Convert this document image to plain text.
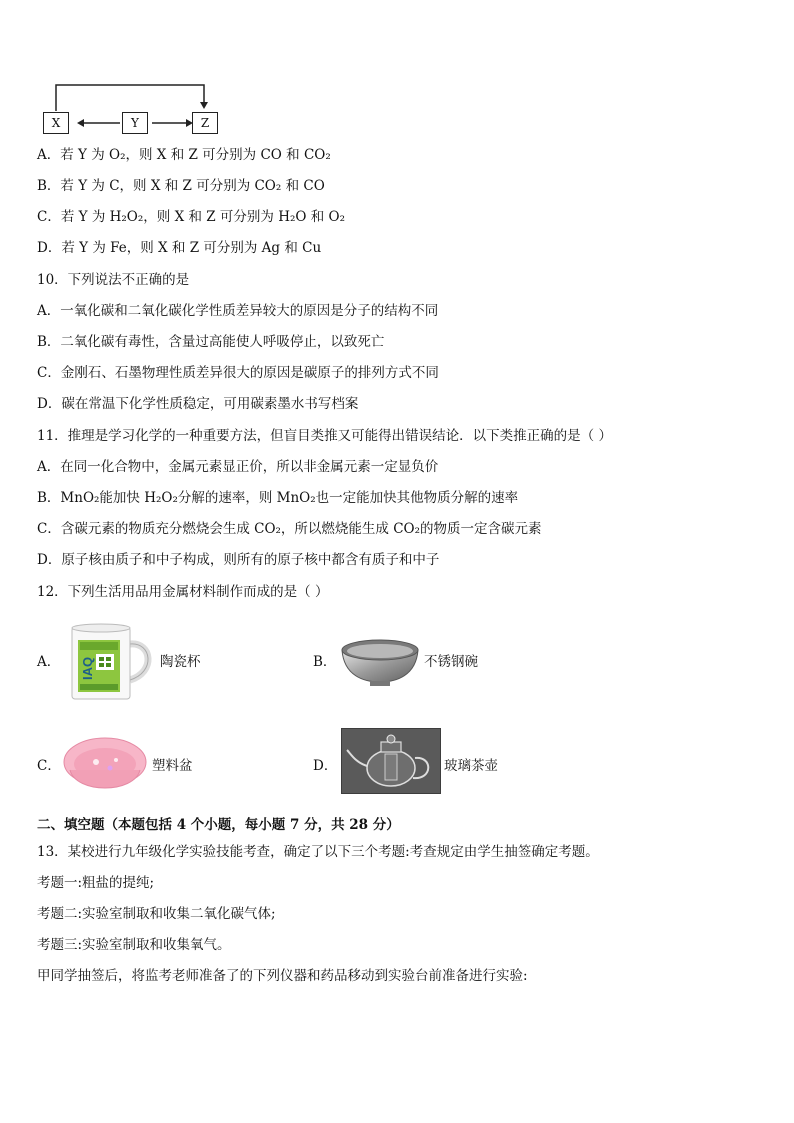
X	Y	Z
A．若 Y 为 O₂，则 X 和 Z 可分别为 CO 和 CO₂
B．若 Y 为 C，则 X 和 Z 可分别为 CO₂ 和 CO
C．若 Y 为 H₂O₂，则 X 和 Z 可分别为 H₂O 和 O₂
D．若 Y 为 Fe，则 X 和 Z 可分别为 Ag 和 Cu
10．下列说法不正确的是
A．一氧化碳和二氧化碳化学性质差异较大的原因是分子的结构不同
B．二氧化碳有毒性，含量过高能使人呼吸停止，以致死亡
C．金刚石、石墨物理性质差异很大的原因是碳原子的排列方式不同
D．碳在常温下化学性质稳定，可用碳素墨水书写档案
11．推理是学习化学的一种重要方法，但盲目类推又可能得出错误结论．以下类推正确的是（ ）
A．在同一化合物中，金属元素显正价，所以非金属元素一定显负价
B．MnO₂能加快 H₂O₂分解的速率，则 MnO₂也一定能加快其他物质分解的速率
C．含碳元素的物质充分燃烧会生成 CO₂，所以燃烧能生成 CO₂的物质一定含碳元素
D．原子核由质子和中子构成，则所有的原子核中都含有质子和中子
12．下列生活用品用金属材料制作而成的是（ ）
A． IAQ	陶瓷杯	B．	不锈钢碗
C．	塑料盆	D．	玻璃茶壶
二、填空题（本题包括 4 个小题，每小题 7 分，共 28 分）
13．某校进行九年级化学实验技能考查，确定了以下三个考题:考查规定由学生抽签确定考题。
考题一:粗盐的提纯;
考题二:实验室制取和收集二氧化碳气体;
考题三:实验室制取和收集氧气。
甲同学抽签后，将监考老师准备了的下列仪器和药品移动到实验台前准备进行实验:
